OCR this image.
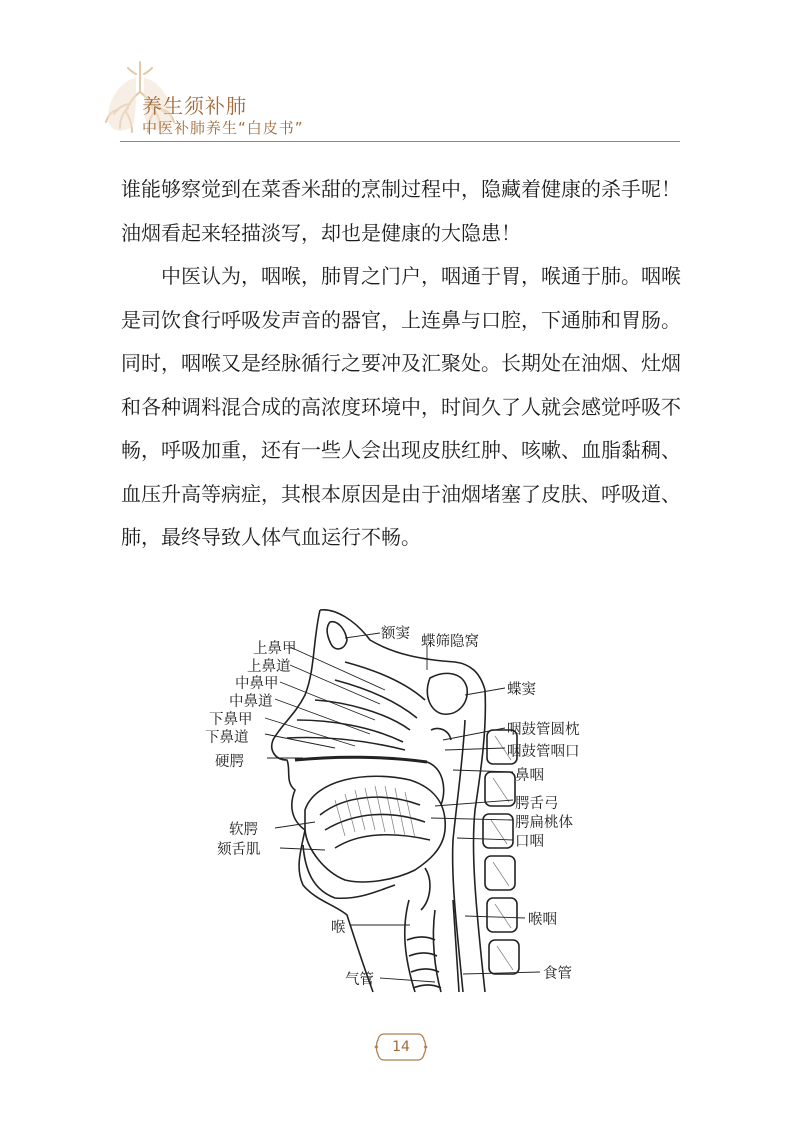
养生须补肺
中医补肺养生“白皮书”

谁能够察觉到在菜香米甜的烹制过程中，隐藏着健康的杀手呢！油烟看起来轻描淡写，却也是健康的大隐患！

中医认为，咽喉，肺胃之门户，咽通于胃，喉通于肺。咽喉是司饮食行呼吸发声音的器官，上连鼻与口腔，下通肺和胃肠。同时，咽喉又是经脉循行之要冲及汇聚处。长期处在油烟、灶烟和各种调料混合成的高浓度环境中，时间久了人就会感觉呼吸不畅，呼吸加重，还有一些人会出现皮肤红肿、咳嗽、血脂黏稠、血压升高等病症，其根本原因是由于油烟堵塞了皮肤、呼吸道、肺，最终导致人体气血运行不畅。

额窦 蝶筛隐窝
上鼻甲
上鼻道
中鼻甲
中鼻道
下鼻甲
下鼻道
硬腭
蝶窦
咽鼓管圆枕
咽鼓管咽口
鼻咽
腭舌弓
腭扁桃体
口咽
软腭
颏舌肌
喉	喉咽
气管	食管
14
